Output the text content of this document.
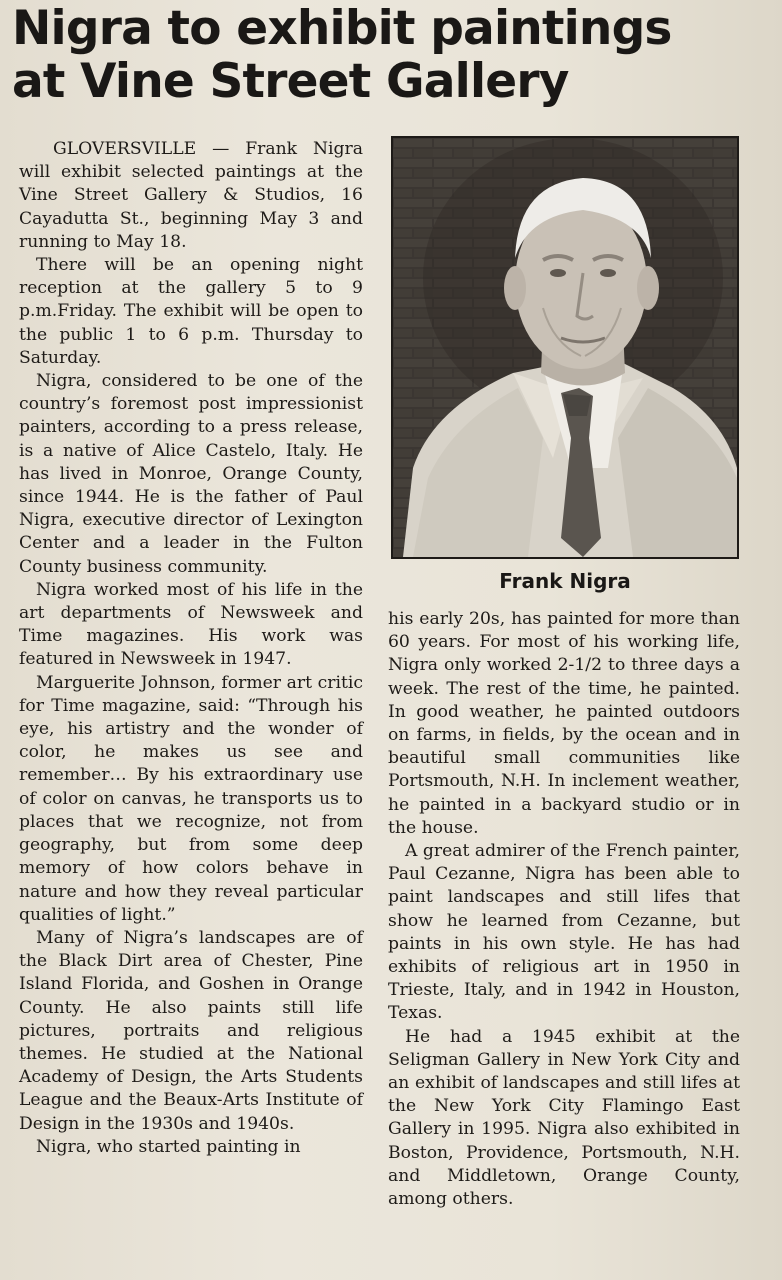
Nigra to exhibit paintings
at Vine Street Gallery

GLOVERSVILLE — Frank Nigra will exhibit selected paintings at the Vine Street Gallery & Studios, 16 Cayadutta St., beginning May 3 and running to May 18.

There will be an opening night reception at the gallery 5 to 9 p.m.Friday. The exhibit will be open to the public 1 to 6 p.m. Thursday to Saturday.

Nigra, considered to be one of the country’s foremost post impressionist painters, according to a press release, is a native of Alice Castelo, Italy. He has lived in Monroe, Orange County, since 1944. He is the father of Paul Nigra, executive director of Lexington Center and a leader in the Fulton County business community.

Nigra worked most of his life in the art departments of Newsweek and Time magazines. His work was featured in Newsweek in 1947.

Marguerite Johnson, former art critic for Time magazine, said: “Through his eye, his artistry and the wonder of color, he makes us see and remember… By his extraordinary use of color on canvas, he transports us to places that we recognize, not from geography, but from some deep memory of how colors behave in nature and how they reveal particular qualities of light.”

Many of Nigra’s landscapes are of the Black Dirt area of Chester, Pine Island Florida, and Goshen in Orange County. He also paints still life pictures, portraits and religious themes. He studied at the National Academy of Design, the Arts Students League and the Beaux-Arts Institute of Design in the 1930s and 1940s.

Nigra, who started painting in

Frank Nigra

his early 20s, has painted for more than 60 years. For most of his working life, Nigra only worked 2-1/2 to three days a week. The rest of the time, he painted. In good weather, he painted outdoors on farms, in fields, by the ocean and in beautiful small communities like Portsmouth, N.H. In inclement weather, he painted in a backyard studio or in the house.

A great admirer of the French painter, Paul Cezanne, Nigra has been able to paint landscapes and still lifes that show he learned from Cezanne, but paints in his own style. He has had exhibits of religious art in 1950 in Trieste, Italy, and in 1942 in Houston, Texas.

He had a 1945 exhibit at the Seligman Gallery in New York City and an exhibit of landscapes and still lifes at the New York City Flamingo East Gallery in 1995. Nigra also exhibited in Boston, Providence, Portsmouth, N.H. and Middletown, Orange County, among others.
